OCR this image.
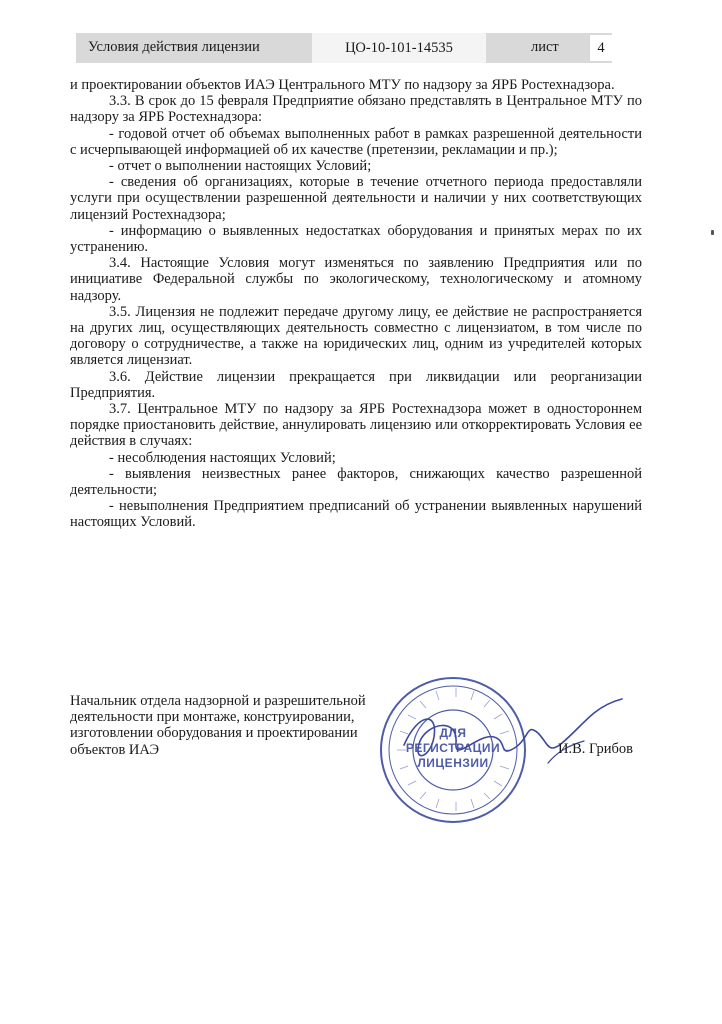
Условия действия лицензии	ЦО-10-101-14535	лист	4

и проектировании объектов ИАЭ Центрального МТУ по надзору за ЯРБ Ростехнадзора.

3.3. В срок до 15 февраля Предприятие обязано представлять в Центральное МТУ по надзору за ЯРБ Ростехнадзора:

- годовой отчет об объемах выполненных работ в рамках разрешенной деятельности с исчерпывающей информацией об их качестве (претензии, рекламации и пр.);

- отчет о выполнении настоящих Условий;

- сведения об организациях, которые в течение отчетного периода предоставляли услуги при осуществлении разрешенной деятельности и наличии у них соответствующих лицензий Ростехнадзора;

- информацию о выявленных недостатках оборудования и принятых мерах по их устранению.

3.4. Настоящие Условия могут изменяться по заявлению Предприятия или по инициативе Федеральной службы по экологическому, технологическому и атомному надзору.

3.5. Лицензия не подлежит передаче другому лицу, ее действие не распространяется на других лиц, осуществляющих деятельность совместно с лицензиатом, в том числе по договору о сотрудничестве, а также на юридических лиц, одним из учредителей которых является лицензиат.

3.6. Действие лицензии прекращается при ликвидации или реорганизации Предприятия.

3.7. Центральное МТУ по надзору за ЯРБ Ростехнадзора может в одностороннем порядке приостановить действие, аннулировать лицензию или откорректировать Условия ее действия в случаях:

- несоблюдения настоящих Условий;

- выявления неизвестных ранее факторов, снижающих качество разрешенной деятельности;

- невыполнения Предприятием предписаний об устранении выявленных нарушений настоящих Условий.

Начальник отдела надзорной и разрешительной
деятельности при монтаже, конструировании,
изготовлении оборудования и проектировании
объектов ИАЭ
ДЛЯ
РЕГИСТРАЦИИ
ЛИЦЕНЗИИ
И.В. Грибов
